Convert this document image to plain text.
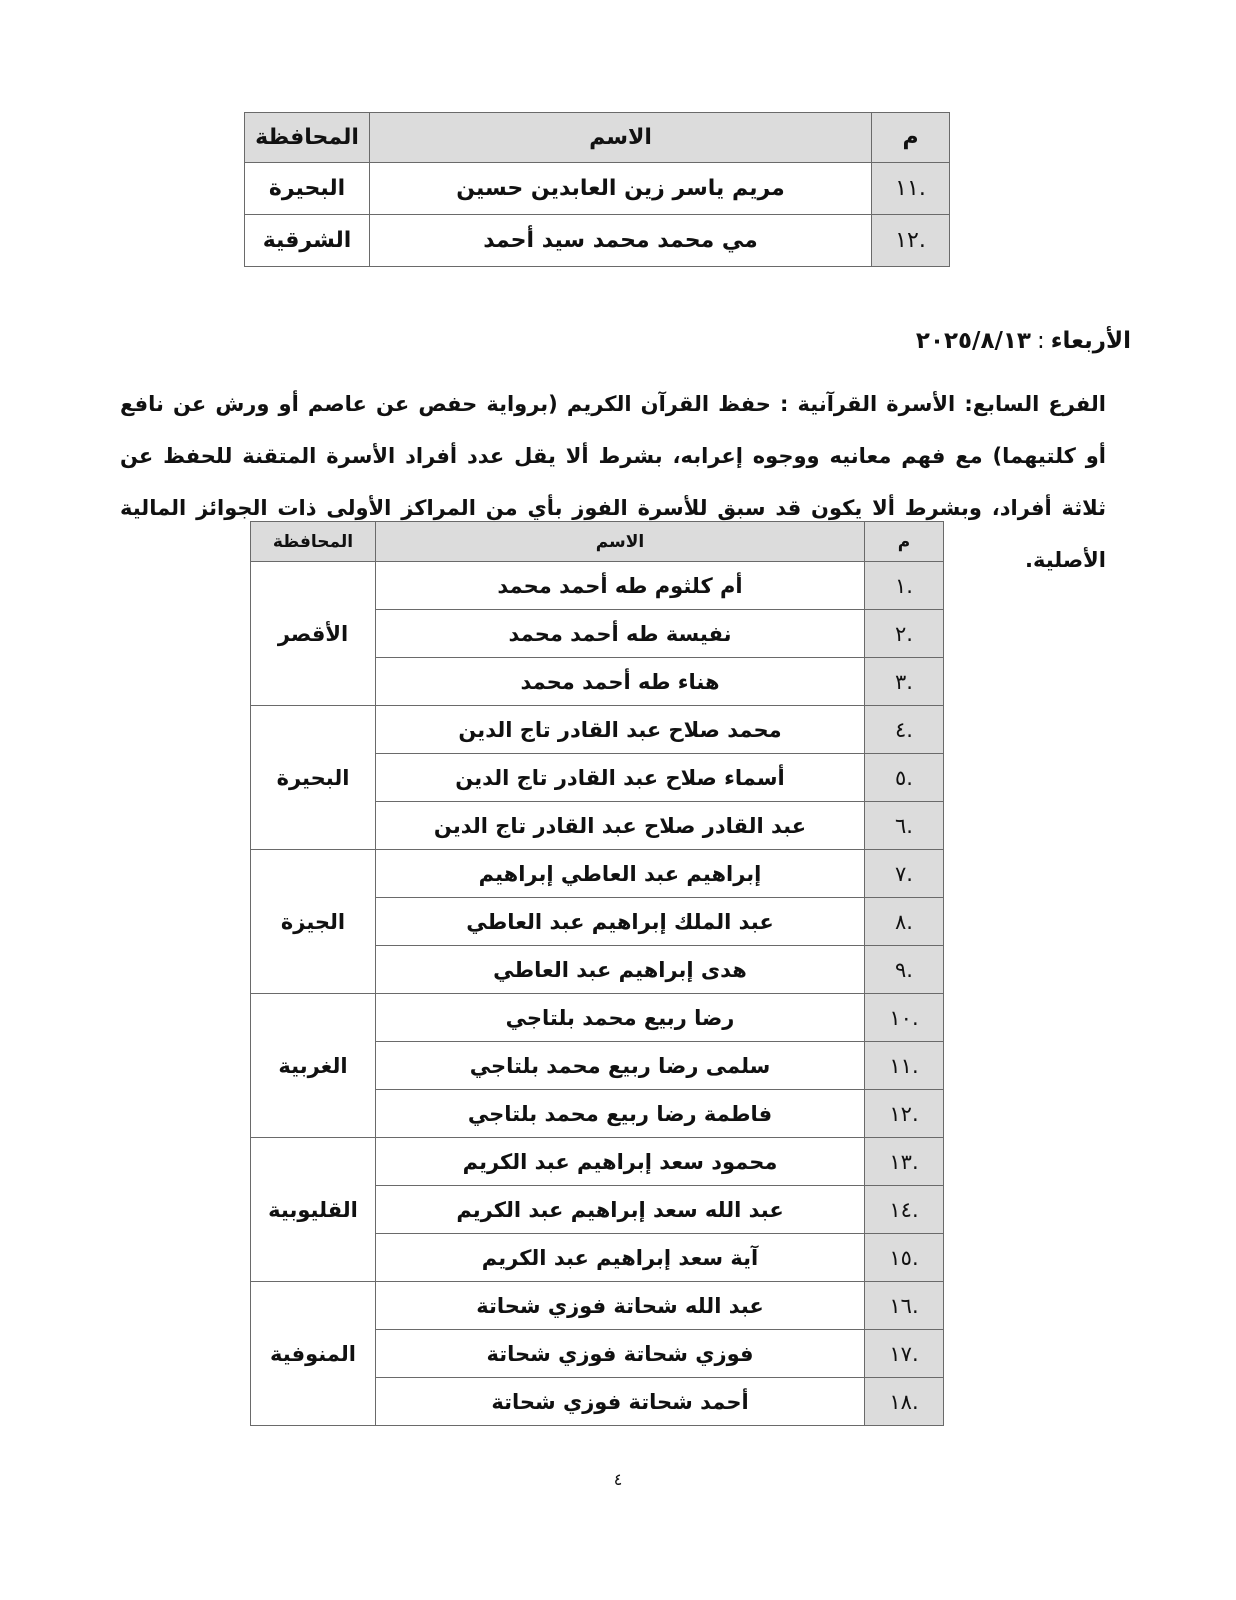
م	الاسم	المحافظة
.١١	مريم ياسر زين العابدين حسين	البحيرة
.١٢	مي محمد محمد سيد أحمد	الشرقية
الأربعاء:٢٠٢٥/٨/١٣
الفرع السابع: الأسرة القرآنية : حفظ القرآن الكريم (برواية حفص عن عاصم أو ورش عن نافع أو كلتيهما) مع فهم معانيه ووجوه إعرابه، بشرط ألا يقل عدد أفراد الأسرة المتقنة للحفظ عن ثلاثة أفراد، وبشرط ألا يكون قد سبق للأسرة الفوز بأي من المراكز الأولى ذات الجوائز المالية الأصلية.
م	الاسم	المحافظة
.١	أم كلثوم طه أحمد محمد	الأقصر
.٢	نفيسة طه أحمد محمد	
.٣	هناء طه أحمد محمد	
.٤	محمد صلاح عبد القادر تاج الدين	البحيرة
.٥	أسماء صلاح عبد القادر تاج الدين	
.٦	عبد القادر صلاح عبد القادر تاج الدين	
.٧	إبراهيم عبد العاطي إبراهيم	الجيزة
.٨	عبد الملك إبراهيم عبد العاطي	
.٩	هدى إبراهيم عبد العاطي	
.١٠	رضا ربيع محمد بلتاجي	الغربية
.١١	سلمى رضا ربيع محمد بلتاجي	
.١٢	فاطمة رضا ربيع محمد بلتاجي	
.١٣	محمود سعد إبراهيم عبد الكريم	القليوبية
.١٤	عبد الله سعد إبراهيم عبد الكريم	
.١٥	آية سعد إبراهيم عبد الكريم	
.١٦	عبد الله شحاتة فوزي شحاتة	المنوفية
.١٧	فوزي شحاتة فوزي شحاتة	
.١٨	أحمد شحاتة فوزي شحاتة	
٤
